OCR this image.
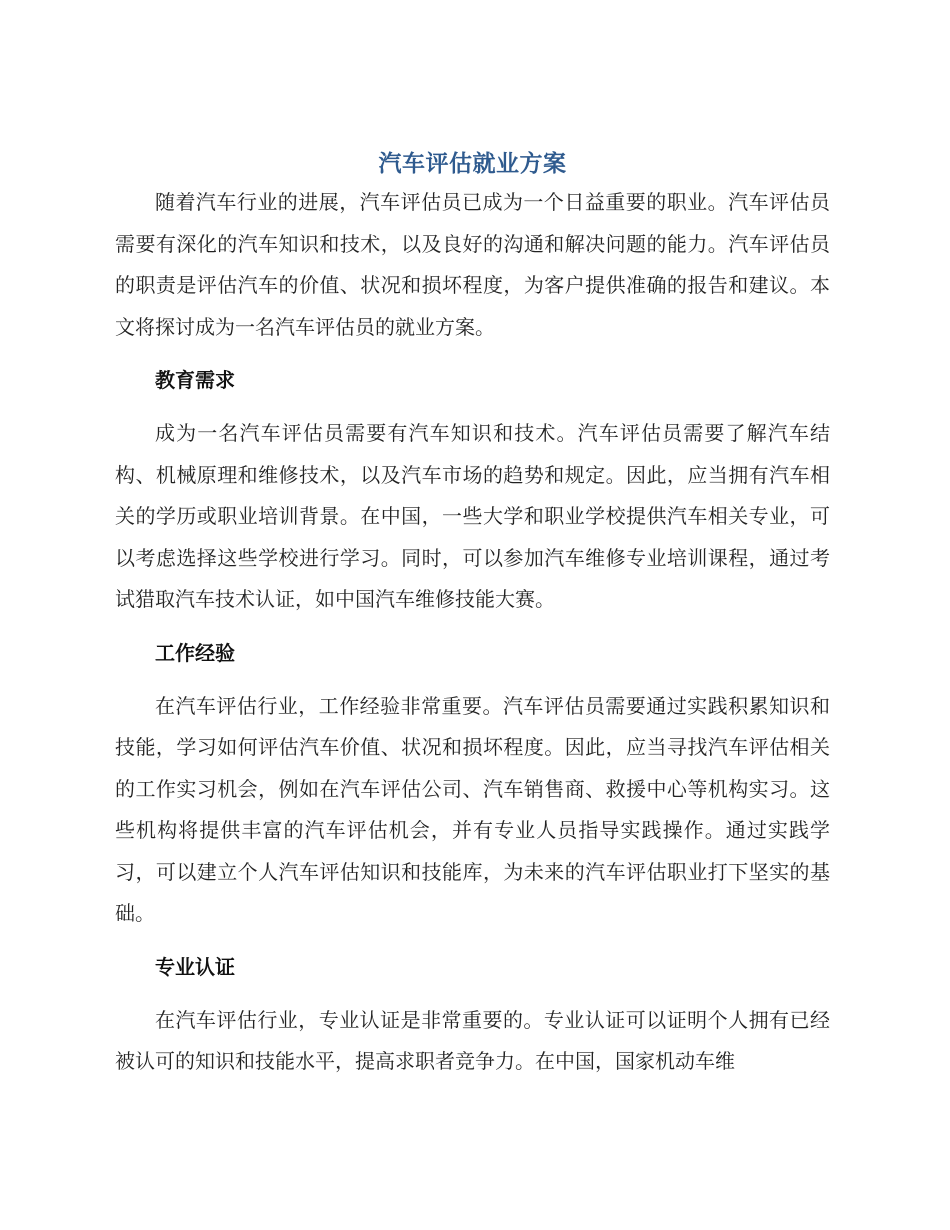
汽车评估就业方案

随着汽车行业的进展，汽车评估员已成为一个日益重要的职业。汽车评估员需要有深化的汽车知识和技术，以及良好的沟通和解决问题的能力。汽车评估员的职责是评估汽车的价值、状况和损坏程度，为客户提供准确的报告和建议。本文将探讨成为一名汽车评估员的就业方案。

教育需求

成为一名汽车评估员需要有汽车知识和技术。汽车评估员需要了解汽车结构、机械原理和维修技术，以及汽车市场的趋势和规定。因此，应当拥有汽车相关的学历或职业培训背景。在中国，一些大学和职业学校提供汽车相关专业，可以考虑选择这些学校进行学习。同时，可以参加汽车维修专业培训课程，通过考试猎取汽车技术认证，如中国汽车维修技能大赛。

工作经验

在汽车评估行业，工作经验非常重要。汽车评估员需要通过实践积累知识和技能，学习如何评估汽车价值、状况和损坏程度。因此，应当寻找汽车评估相关的工作实习机会，例如在汽车评估公司、汽车销售商、救援中心等机构实习。这些机构将提供丰富的汽车评估机会，并有专业人员指导实践操作。通过实践学习，可以建立个人汽车评估知识和技能库，为未来的汽车评估职业打下坚实的基础。

专业认证

在汽车评估行业，专业认证是非常重要的。专业认证可以证明个人拥有已经被认可的知识和技能水平，提高求职者竞争力。在中国，国家机动车维
